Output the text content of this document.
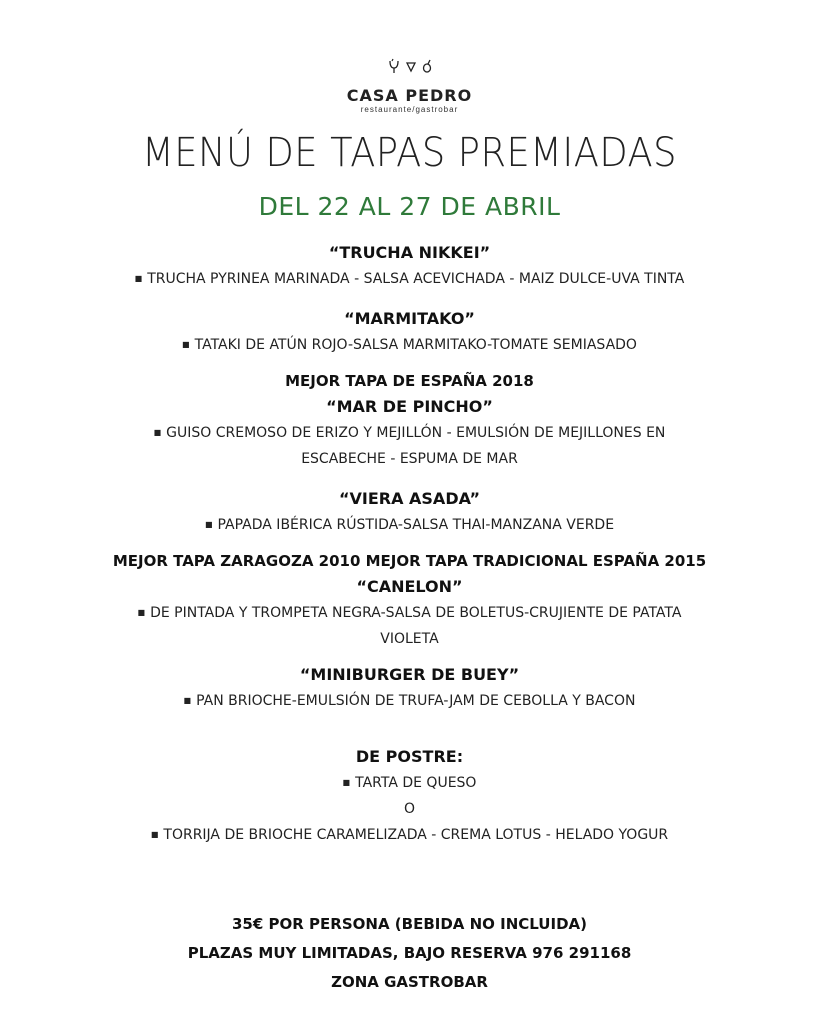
CASA PEDRO
restaurante/gastrobar
MENÚ DE TAPAS PREMIADAS
DEL 22 AL 27 DE ABRIL
“TRUCHA NIKKEI”
■ TRUCHA PYRINEA MARINADA - SALSA ACEVICHADA - MAIZ DULCE-UVA TINTA
“MARMITAKO”
■ TATAKI DE ATÚN ROJO-SALSA MARMITAKO-TOMATE SEMIASADO
MEJOR TAPA DE ESPAÑA 2018
“MAR DE PINCHO”
■ GUISO CREMOSO DE ERIZO Y MEJILLÓN - EMULSIÓN DE MEJILLONES EN
ESCABECHE - ESPUMA DE MAR
“VIERA ASADA”
■ PAPADA IBÉRICA RÚSTIDA-SALSA THAI-MANZANA VERDE
MEJOR TAPA ZARAGOZA 2010 MEJOR TAPA TRADICIONAL ESPAÑA 2015
“CANELON”
■ DE PINTADA Y TROMPETA NEGRA-SALSA DE BOLETUS-CRUJIENTE DE PATATA
VIOLETA
“MINIBURGER DE BUEY”
■ PAN BRIOCHE-EMULSIÓN DE TRUFA-JAM DE CEBOLLA Y BACON
DE POSTRE:
■ TARTA DE QUESO
O
■ TORRIJA DE BRIOCHE CARAMELIZADA - CREMA LOTUS - HELADO YOGUR
35€ POR PERSONA (BEBIDA NO INCLUIDA)
PLAZAS MUY LIMITADAS, BAJO RESERVA 976 291168
ZONA GASTROBAR
